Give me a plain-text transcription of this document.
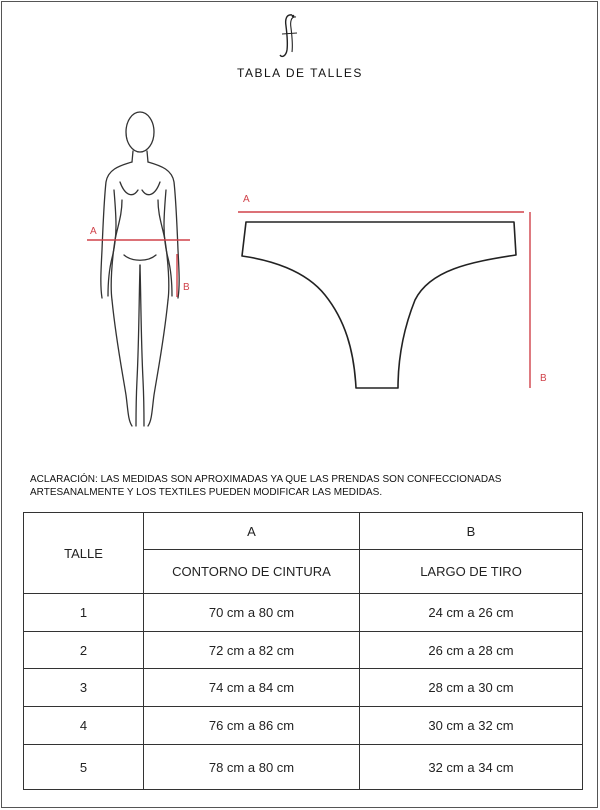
TABLA DE TALLES
A
B
A
B
ACLARACIÓN: LAS MEDIDAS SON APROXIMADAS YA QUE LAS PRENDAS SON CONFECCIONADAS
ARTESANALMENTE Y LOS TEXTILES PUEDEN MODIFICAR LAS MEDIDAS.
TALLE	A	B
	CONTORNO DE CINTURA	LARGO DE TIRO
1	70 cm a 80 cm	24 cm a 26 cm
2	72 cm a 82 cm	26 cm a 28 cm
3	74 cm a 84 cm	28 cm a 30 cm
4	76 cm a 86 cm	30 cm a 32 cm
5	78 cm a 80 cm	32 cm a 34 cm
